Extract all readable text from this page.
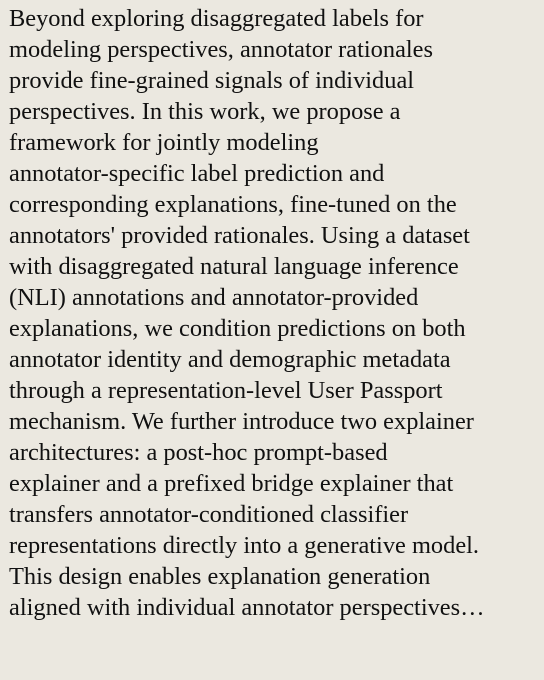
Beyond exploring disaggregated labels for
modeling perspectives, annotator rationales
provide fine-grained signals of individual
perspectives. In this work, we propose a
framework for jointly modeling
annotator-specific label prediction and
corresponding explanations, fine-tuned on the
annotators' provided rationales. Using a dataset
with disaggregated natural language inference
(NLI) annotations and annotator-provided
explanations, we condition predictions on both
annotator identity and demographic metadata
through a representation-level User Passport
mechanism. We further introduce two explainer
architectures: a post-hoc prompt-based
explainer and a prefixed bridge explainer that
transfers annotator-conditioned classifier
representations directly into a generative model.
This design enables explanation generation
aligned with individual annotator perspectives…
